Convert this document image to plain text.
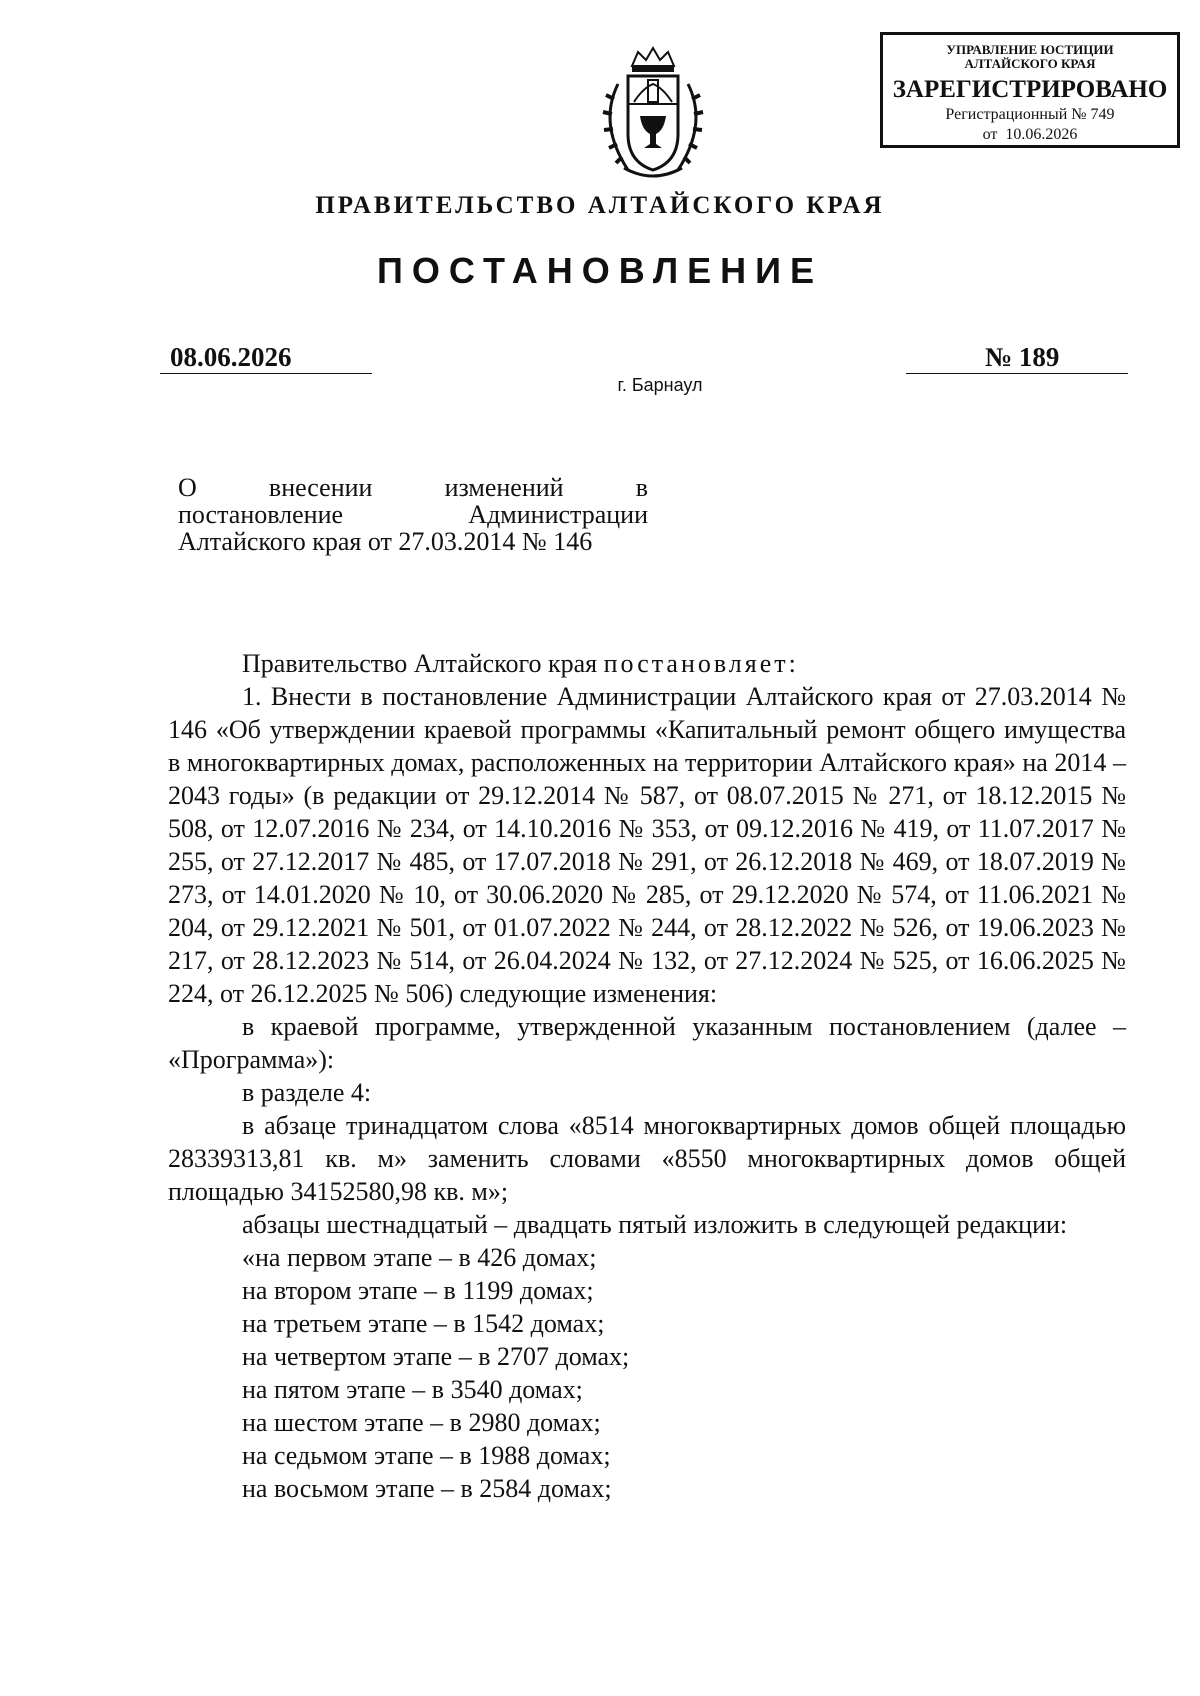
УПРАВЛЕНИЕ ЮСТИЦИИ
АЛТАЙСКОГО КРАЯ
ЗАРЕГИСТРИРОВАНО
Регистрационный № 749
от  10.06.2026
ПРАВИТЕЛЬСТВО АЛТАЙСКОГО КРАЯ
ПОСТАНОВЛЕНИЕ
08.06.2026
г. Барнаул
№ 189
О внесении изменений в
постановление Администрации
Алтайского края от 27.03.2014 № 146

Правительство Алтайского края постановляет:

1. Внести в постановление Администрации Алтайского края от 27.03.2014 № 146 «Об утверждении краевой программы «Капитальный ремонт общего имущества в многоквартирных домах, расположенных на территории Алтайского края» на 2014 – 2043 годы» (в редакции от 29.12.2014 № 587, от 08.07.2015 № 271, от 18.12.2015 № 508, от 12.07.2016 № 234, от 14.10.2016 № 353, от 09.12.2016 № 419, от 11.07.2017 № 255, от 27.12.2017 № 485, от 17.07.2018 № 291, от 26.12.2018 № 469, от 18.07.2019 № 273, от 14.01.2020 № 10, от 30.06.2020 № 285, от 29.12.2020 № 574, от 11.06.2021 № 204, от 29.12.2021 № 501, от 01.07.2022 № 244, от 28.12.2022 № 526, от 19.06.2023 № 217, от 28.12.2023 № 514, от 26.04.2024 № 132, от 27.12.2024 № 525, от 16.06.2025 № 224, от 26.12.2025 № 506) следующие изменения:

в краевой программе, утвержденной указанным постановлением (далее – «Программа»):

в разделе 4:

в абзаце тринадцатом слова «8514 многоквартирных домов общей площадью 28339313,81 кв. м» заменить словами «8550 многоквартирных домов общей площадью 34152580,98 кв. м»;

абзацы шестнадцатый – двадцать пятый изложить в следующей редакции:

«на первом этапе – в 426 домах;

на втором этапе – в 1199 домах;

на третьем этапе – в 1542 домах;

на четвертом этапе – в 2707 домах;

на пятом этапе – в 3540 домах;

на шестом этапе – в 2980 домах;

на седьмом этапе – в 1988 домах;

на восьмом этапе – в 2584 домах;
